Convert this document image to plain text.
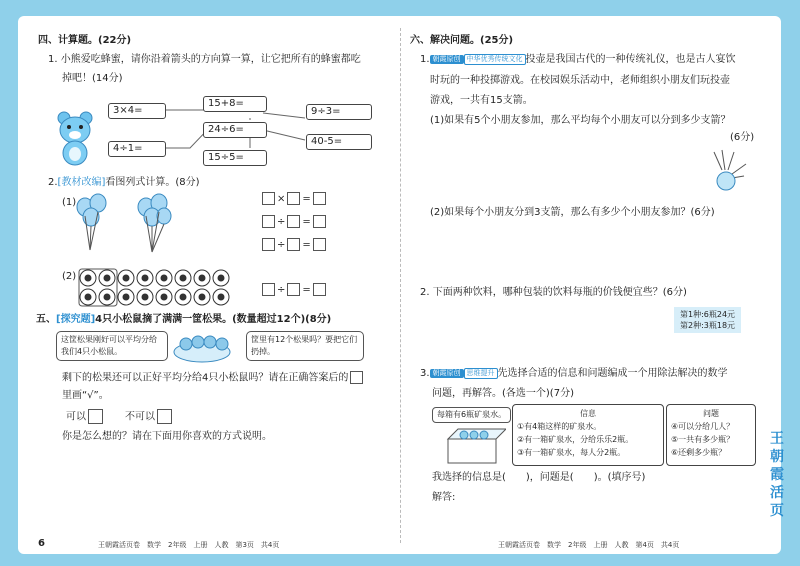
四、计算题。(22分)
1. 小熊爱吃蜂蜜，请你沿着箭头的方向算一算，让它把所有的蜂蜜都吃
掉吧！(14分)
3×4=
4÷1=
15+8=
24÷6=
15÷5=
9÷3=
40-5=
2.[教材改编]看图列式计算。(8分)
(1)	× =
÷ =
÷ =
(2)
÷ =
五、[探究题]4只小松鼠摘了满满一筐松果。(数量超过12个)(8分)
这筐松果刚好可以平均分给我们4只小松鼠。
筐里有12个松果吗？要把它们扔掉。
剩下的松果还可以正好平均分给4只小松鼠吗？请在正确答案后的
里画“√”。
可以	不可以
你是怎么想的？请在下面用你喜欢的方式说明。
6	王朝霞活页卷　数学　2年级　上册　人教　第3页　共4页
六、解决问题。(25分)
1. 朝霞原创 中华优秀传统文化 投壶是我国古代的一种传统礼仪，也是古人宴饮
时玩的一种投掷游戏。在校园娱乐活动中，老师组织小朋友们玩投壶
游戏，一共有15支箭。
(1)如果有5个小朋友参加，那么平均每个小朋友可以分到多少支箭？
(6分)
(2)如果每个小朋友分到3支箭，那么有多少个小朋友参加？(6分)
2. 下面两种饮料，哪种包装的饮料每瓶的价钱便宜些？(6分)
第1种:6瓶24元
第2种:3瓶18元
3. 朝霞原创 思维提升 先选择合适的信息和问题编成一个用除法解决的数学
问题，再解答。(各选一个)(7分)
每箱有6瓶矿泉水。	信息
①有4箱这样的矿泉水。
②有一箱矿泉水，分给乐乐2瓶。
③有一箱矿泉水，每人分2瓶。
问题
④可以分给几人？
⑤一共有多少瓶？
⑥还剩多少瓶？
我选择的信息是(　　)，问题是(　　)。(填序号)
解答:
王朝霞活页卷　数学　2年级　上册　人教　第4页　共4页
王朝霞活页
